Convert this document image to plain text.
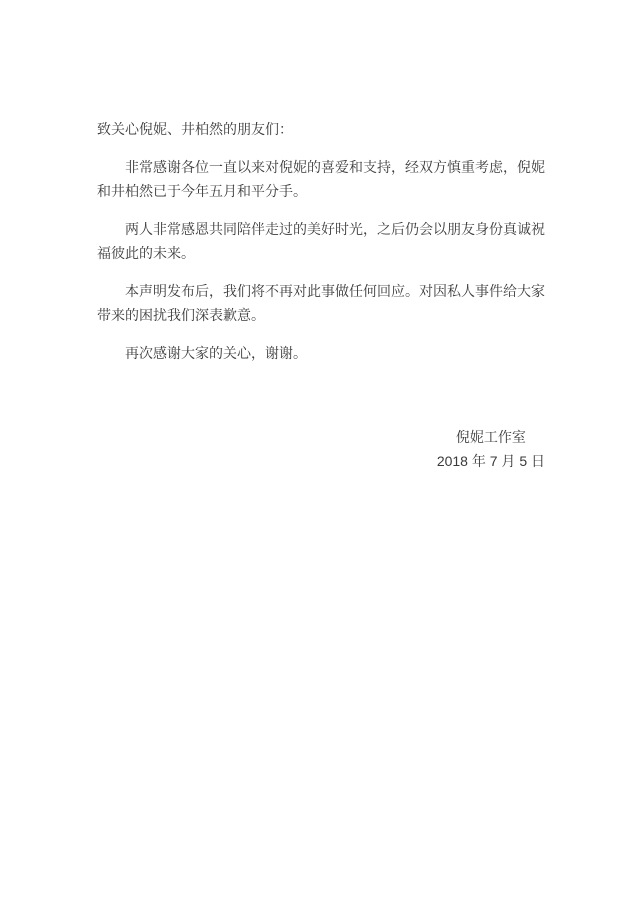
致关心倪妮、井柏然的朋友们：

非常感谢各位一直以来对倪妮的喜爱和支持，经双方慎重考虑，倪妮和井柏然已于今年五月和平分手。

两人非常感恩共同陪伴走过的美好时光，之后仍会以朋友身份真诚祝福彼此的未来。

本声明发布后，我们将不再对此事做任何回应。对因私人事件给大家带来的困扰我们深表歉意。

再次感谢大家的关心，谢谢。

倪妮工作室
2018 年 7 月 5 日
